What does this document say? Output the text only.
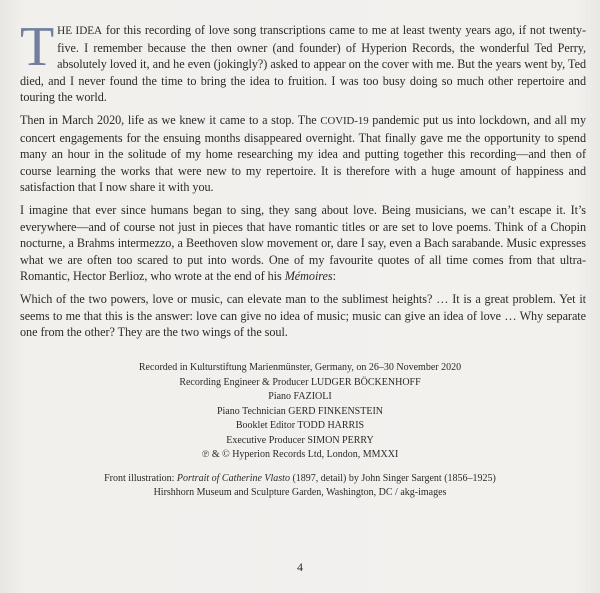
THE IDEA for this recording of love song transcriptions came to me at least twenty years ago, if not twenty-five. I remember because the then owner (and founder) of Hyperion Records, the wonderful Ted Perry, absolutely loved it, and he even (jokingly?) asked to appear on the cover with me. But the years went by, Ted died, and I never found the time to bring the idea to fruition. I was too busy doing so much other repertoire and touring the world.

Then in March 2020, life as we knew it came to a stop. The COVID-19 pandemic put us into lockdown, and all my concert engagements for the ensuing months disappeared overnight. That finally gave me the opportunity to spend many an hour in the solitude of my home researching my idea and putting together this recording—and then of course learning the works that were new to my repertoire. It is therefore with a huge amount of happiness and satisfaction that I now share it with you.

I imagine that ever since humans began to sing, they sang about love. Being musicians, we can’t escape it. It’s everywhere—and of course not just in pieces that have romantic titles or are set to love poems. Think of a Chopin nocturne, a Brahms intermezzo, a Beethoven slow movement or, dare I say, even a Bach sarabande. Music expresses what we are often too scared to put into words. One of my favourite quotes of all time comes from that ultra-Romantic, Hector Berlioz, who wrote at the end of his Mémoires:

Which of the two powers, love or music, can elevate man to the sublimest heights? … It is a great problem. Yet it seems to me that this is the answer: love can give no idea of music; music can give an idea of love … Why separate one from the other? They are the two wings of the soul.

Recorded in Kulturstiftung Marienmünster, Germany, on 26–30 November 2020
Recording Engineer & Producer LUDGER BÖCKENHOFF
Piano FAZIOLI
Piano Technician GERD FINKENSTEIN
Booklet Editor TODD HARRIS
Executive Producer SIMON PERRY
℗ & © Hyperion Records Ltd, London, MMXXI
Front illustration: Portrait of Catherine Vlasto (1897, detail) by John Singer Sargent (1856–1925)
Hirshhorn Museum and Sculpture Garden, Washington, DC / akg-images
4
